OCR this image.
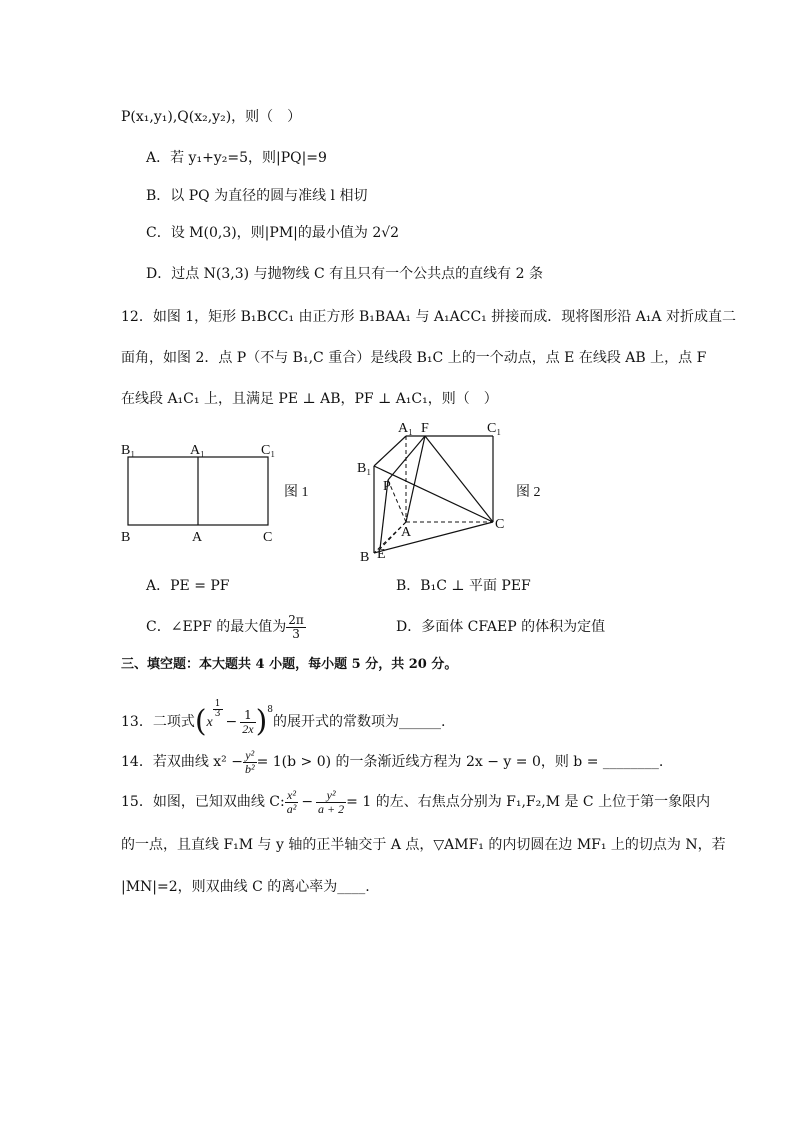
P(x₁,y₁),Q(x₂,y₂)，则（　）
A．若 y₁+y₂=5，则|PQ|=9
B．以 PQ 为直径的圆与准线 l 相切
C．设 M(0,3)，则|PM|的最小值为 2√2
D．过点 N(3,3) 与抛物线 C 有且只有一个公共点的直线有 2 条
12．如图 1，矩形 B₁BCC₁ 由正方形 B₁BAA₁ 与 A₁ACC₁ 拼接而成．现将图形沿 A₁A 对折成直二
面角，如图 2．点 P（不与 B₁,C 重合）是线段 B₁C 上的一个动点，点 E 在线段 AB 上，点 F
在线段 A₁C₁ 上，且满足 PE ⊥ AB，PF ⊥ A₁C₁，则（　）
B₁	A₁	C₁
B	A	C
图 1
A₁ F	C₁
B₁
P
A
C
B E
图 2
A．PE = PF	B．B₁C ⊥ 平面 PEF
C．∠EPF 的最大值为 $\frac{2\pi}{3}$	D．多面体 CFAEP 的体积为定值
三、填空题：本大题共 4 小题，每小题 5 分，共 20 分。
13．二项式(x
$\frac{1}{3}$
− $\frac{1}{2x} )^8$的展开式的常数项为______.
14．若双曲线 $x^2 - \frac{\text{y²}}{\text{b²}} = 1(b > 0)$ 的一条渐近线方程为 2x − y = 0，则 b = ________.
15．如图，已知双曲线 C: $\frac{\text{x²}}{\text{a²}} - \frac{\text{y²}}{a + 2} = 1$ 的左、右焦点分别为 F₁,F₂,M 是 C 上位于第一象限内
的一点，且直线 F₁M 与 y 轴的正半轴交于 A 点，▽AMF₁ 的内切圆在边 MF₁ 上的切点为 N，若
|MN|=2，则双曲线 C 的离心率为____.
